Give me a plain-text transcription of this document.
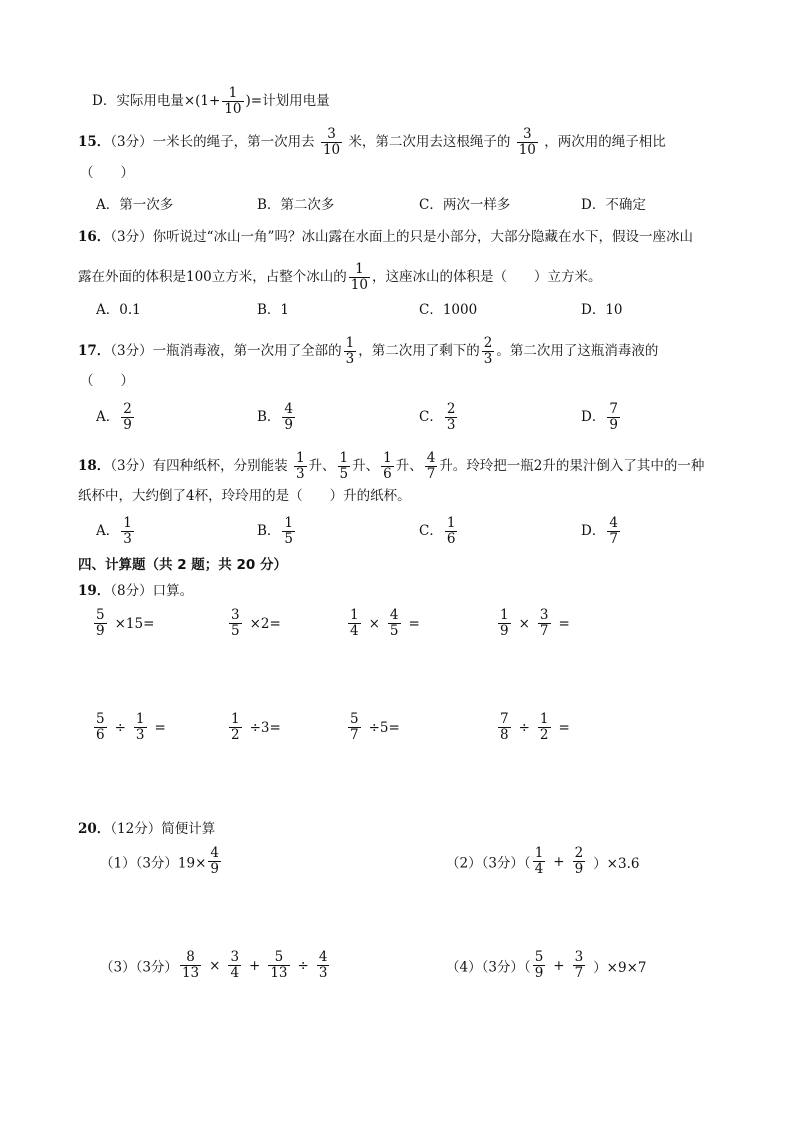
D．实际用电量$\times(1+ \frac{1}{10}$ )=计划用电量
15．（3分）一米长的绳子，第一次用去 $\frac{3}{10}$ 米，第二次用去这根绳子的 $\frac{3}{10}$ ，两次用的绳子相比
（　　）
A．第一次多	B．第二次多	C．两次一样多	D．不确定
16．（3分）你听说过“冰山一角”吗？冰山露在水面上的只是小部分，大部分隐藏在水下，假设一座冰山
露在外面的体积是100立方米，占整个冰山的 $\frac{1}{10}$ ，这座冰山的体积是（　　）立方米。
A．0.1	B．1	C．1000	D．10
17．（3分）一瓶消毒液，第一次用了全部的 $\frac{1}{3}$ ，第二次用了剩下的 $\frac{2}{3}$ 。第二次用了这瓶消毒液的
（　　）
A． $\frac{2}{9}$	B． $\frac{4}{9}$	C． $\frac{2}{3}$	D． $\frac{7}{9}$
18．（3分）有四种纸杯，分别能装 $\frac{1}{3}$ 升、 $\frac{1}{5}$ 升、 $\frac{1}{6}$ 升、 $\frac{4}{7}$ 升。玲玲把一瓶2升的果汁倒入了其中的一种
纸杯中，大约倒了4杯，玲玲用的是（　　）升的纸杯。
A． $\frac{1}{3}$	B． $\frac{1}{5}$	C． $\frac{1}{6}$	D． $\frac{4}{7}$
四、计算题（共 2 题；共 20 分）
19．（8分）口算。
$\frac{5}{9} \times 15=$	$\frac{3}{5} \times 2=$	$\frac{1}{4} \times \frac{4}{5}$ =	$\frac{1}{9} \times \frac{3}{7}$ =
$\frac{5}{6} \div \frac{1}{3}$ =	$\frac{1}{2} \div 3=$	$\frac{5}{7} \div 5=$	$\frac{7}{8} \div \frac{1}{2}$ =
20．（12分）简便计算
（1）（3分）$19\times \frac{4}{9}$	（2）（3分）（ $\frac{1}{4} + \frac{2}{9} )\times 3.6$
（3）（3分） $\frac{8}{13} \times \frac{3}{4} + \frac{5}{13} \div \frac{4}{3}$	（4）（3分）（ $\frac{5}{9} + \frac{3}{7} )\times 9\times 7$
